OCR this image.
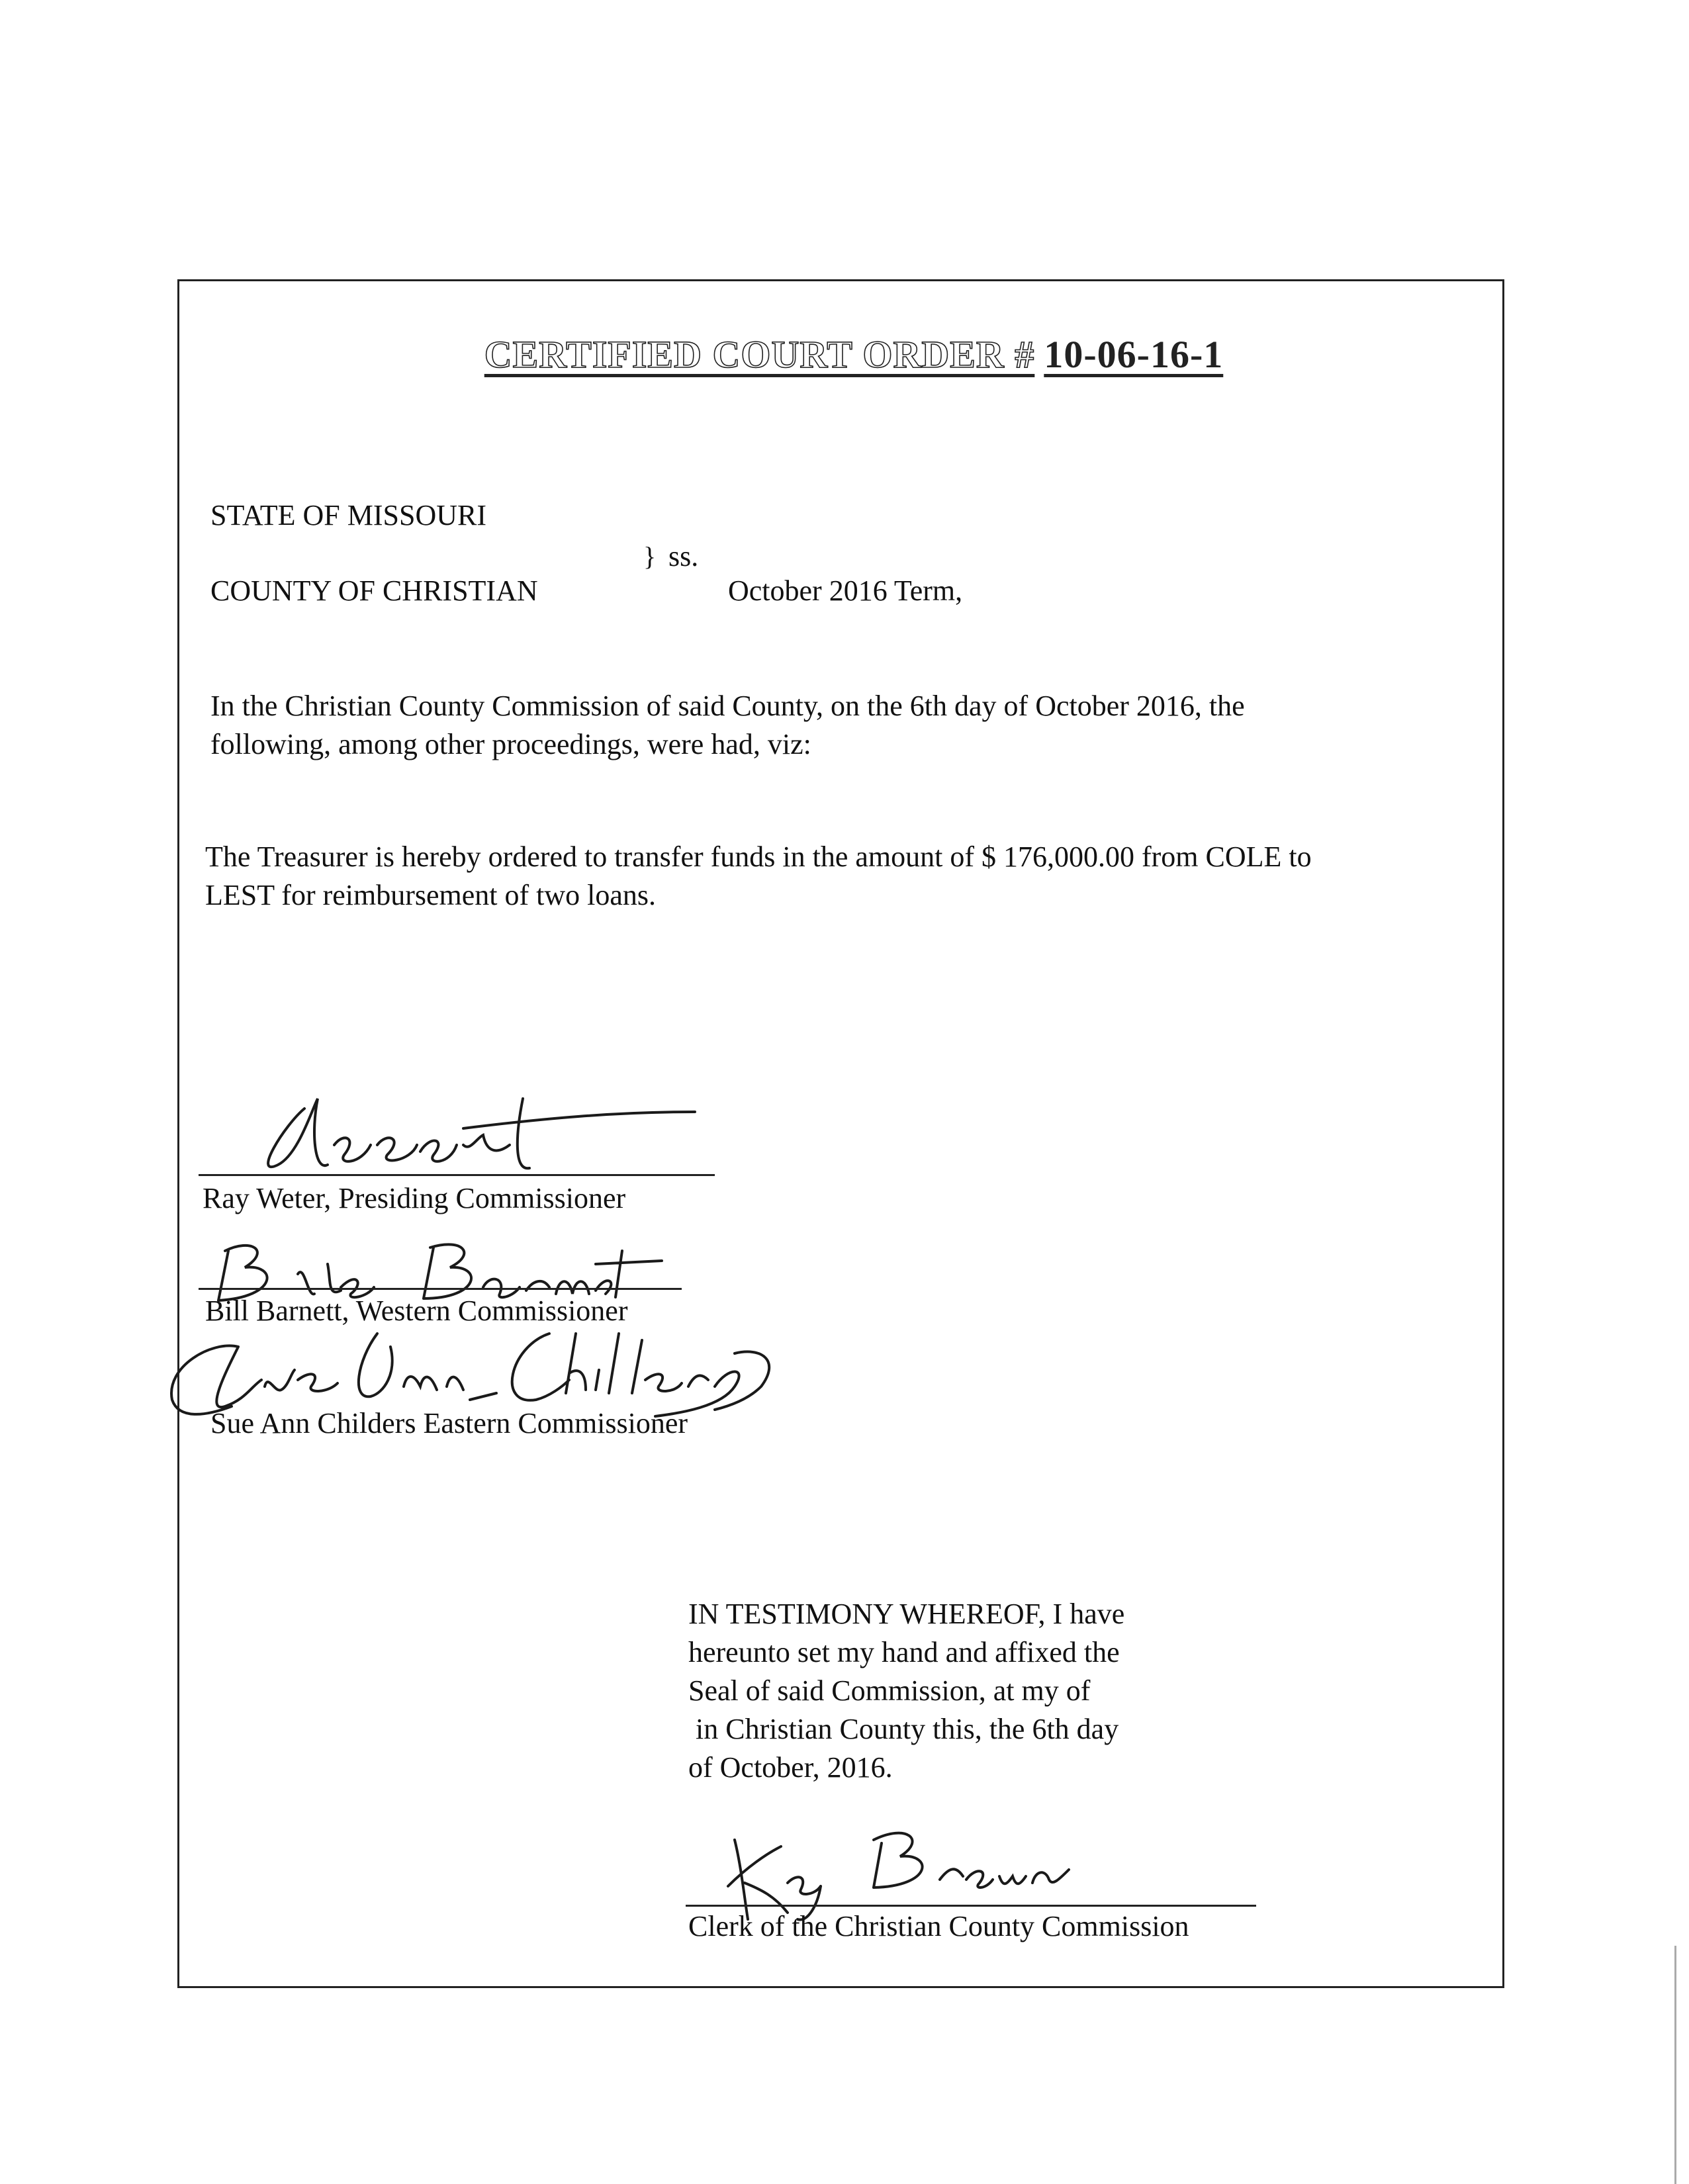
CERTIFIED COURT ORDER # 10-06-16-1
STATE OF MISSOURI
} ss.
COUNTY OF CHRISTIAN	October 2016 Term,
In the Christian County Commission of said County, on the 6th day of October 2016, the
following, among other proceedings, were had, viz:
The Treasurer is hereby ordered to transfer funds in the amount of $ 176,000.00 from COLE to
LEST for reimbursement of two loans.
Ray Weter, Presiding Commissioner
Bill Barnett, Western Commissioner
Sue Ann Childers Eastern Commissioner
IN TESTIMONY WHEREOF, I have
hereunto set my hand and affixed the
Seal of said Commission, at my of
in Christian County this, the 6th day
of October, 2016.
Clerk of the Christian County Commission
